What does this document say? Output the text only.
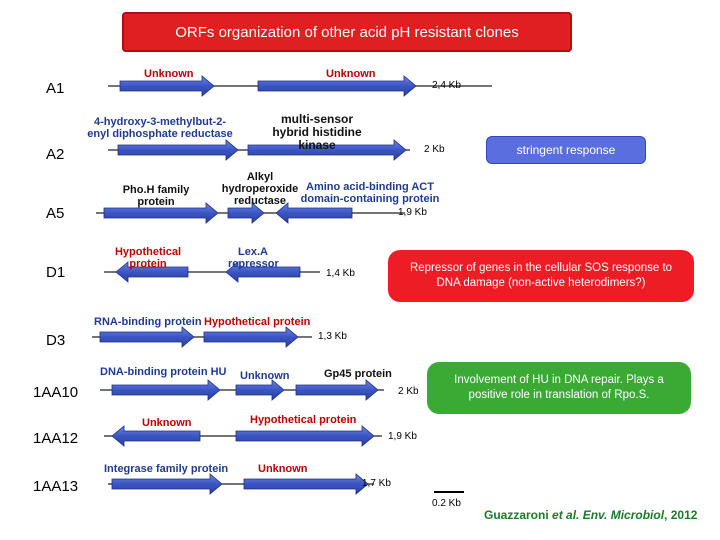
ORFs organization of other acid pH resistant clones
A1
A2
A5
D1
D3
1AA10
1AA12
1AA13
2,4 Kb
2 Kb
1,9 Kb
1,4 Kb
1,3 Kb
2 Kb
1,9 Kb
1,7 Kb
Unknown	Unknown
4-hydroxy-3-methylbut-2-enyl diphosphate reductase
multi-sensor hybrid histidine kinase
Pho.H family protein
Alkyl hydroperoxide reductase
Amino acid-binding ACT domain-containing protein
Hypothetical protein
Lex.A repressor
RNA-binding protein Hypothetical protein
DNA-binding protein HU Unknown	Gp45 protein
Unknown	Hypothetical protein
Integrase family protein	Unknown
stringent response
Repressor of genes in the cellular SOS response to DNA damage (non-active heterodimers?)
Involvement of HU in DNA repair. Plays a positive role in translation of Rpo.S.
0.2 Kb
Guazzaroni et al. Env. Microbiol, 2012
